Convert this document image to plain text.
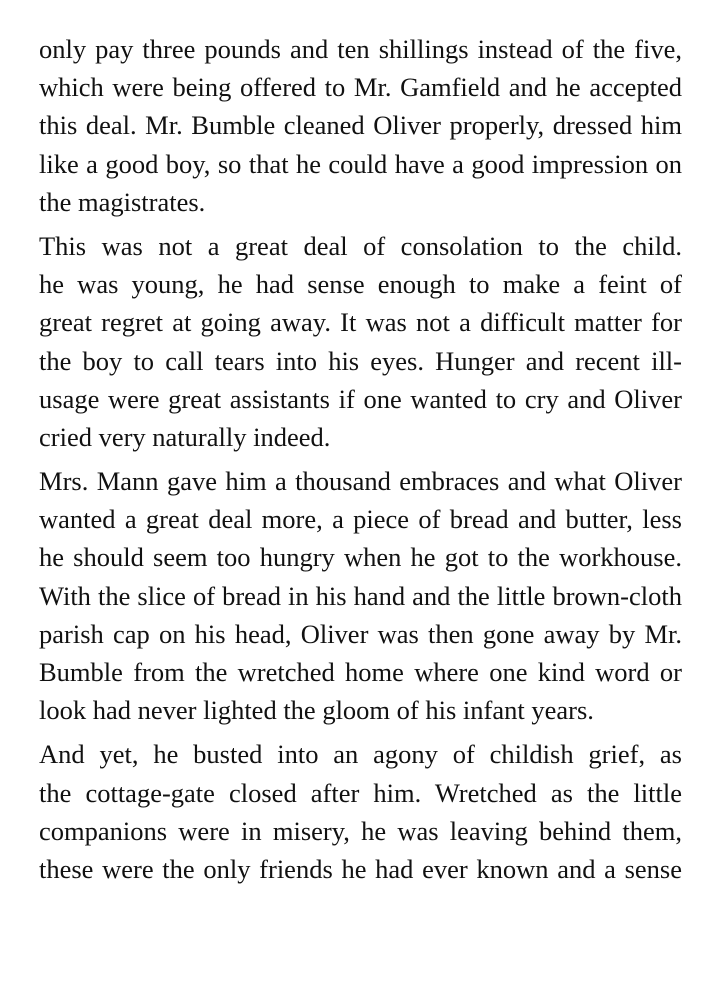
only pay three pounds and ten shillings instead of the five,
which were being offered to Mr. Gamfield and he accepted
this deal. Mr. Bumble cleaned Oliver properly, dressed him
like a good boy, so that he could have a good impression on
the magistrates.

This was not a great deal of consolation to the child.
he was young, he had sense enough to make a feint of
great regret at going away. It was not a difficult matter for
the boy to call tears into his eyes. Hunger and recent ill-
usage were great assistants if one wanted to cry and Oliver
cried very naturally indeed.

Mrs. Mann gave him a thousand embraces and what Oliver
wanted a great deal more, a piece of bread and butter, less
he should seem too hungry when he got to the workhouse.
With the slice of bread in his hand and the little brown-cloth
parish cap on his head, Oliver was then gone away by Mr.
Bumble from the wretched home where one kind word or
look had never lighted the gloom of his infant years.

And yet, he busted into an agony of childish grief, as
the cottage-gate closed after him. Wretched as the little
companions were in misery, he was leaving behind them,
these were the only friends he had ever known and a sense
